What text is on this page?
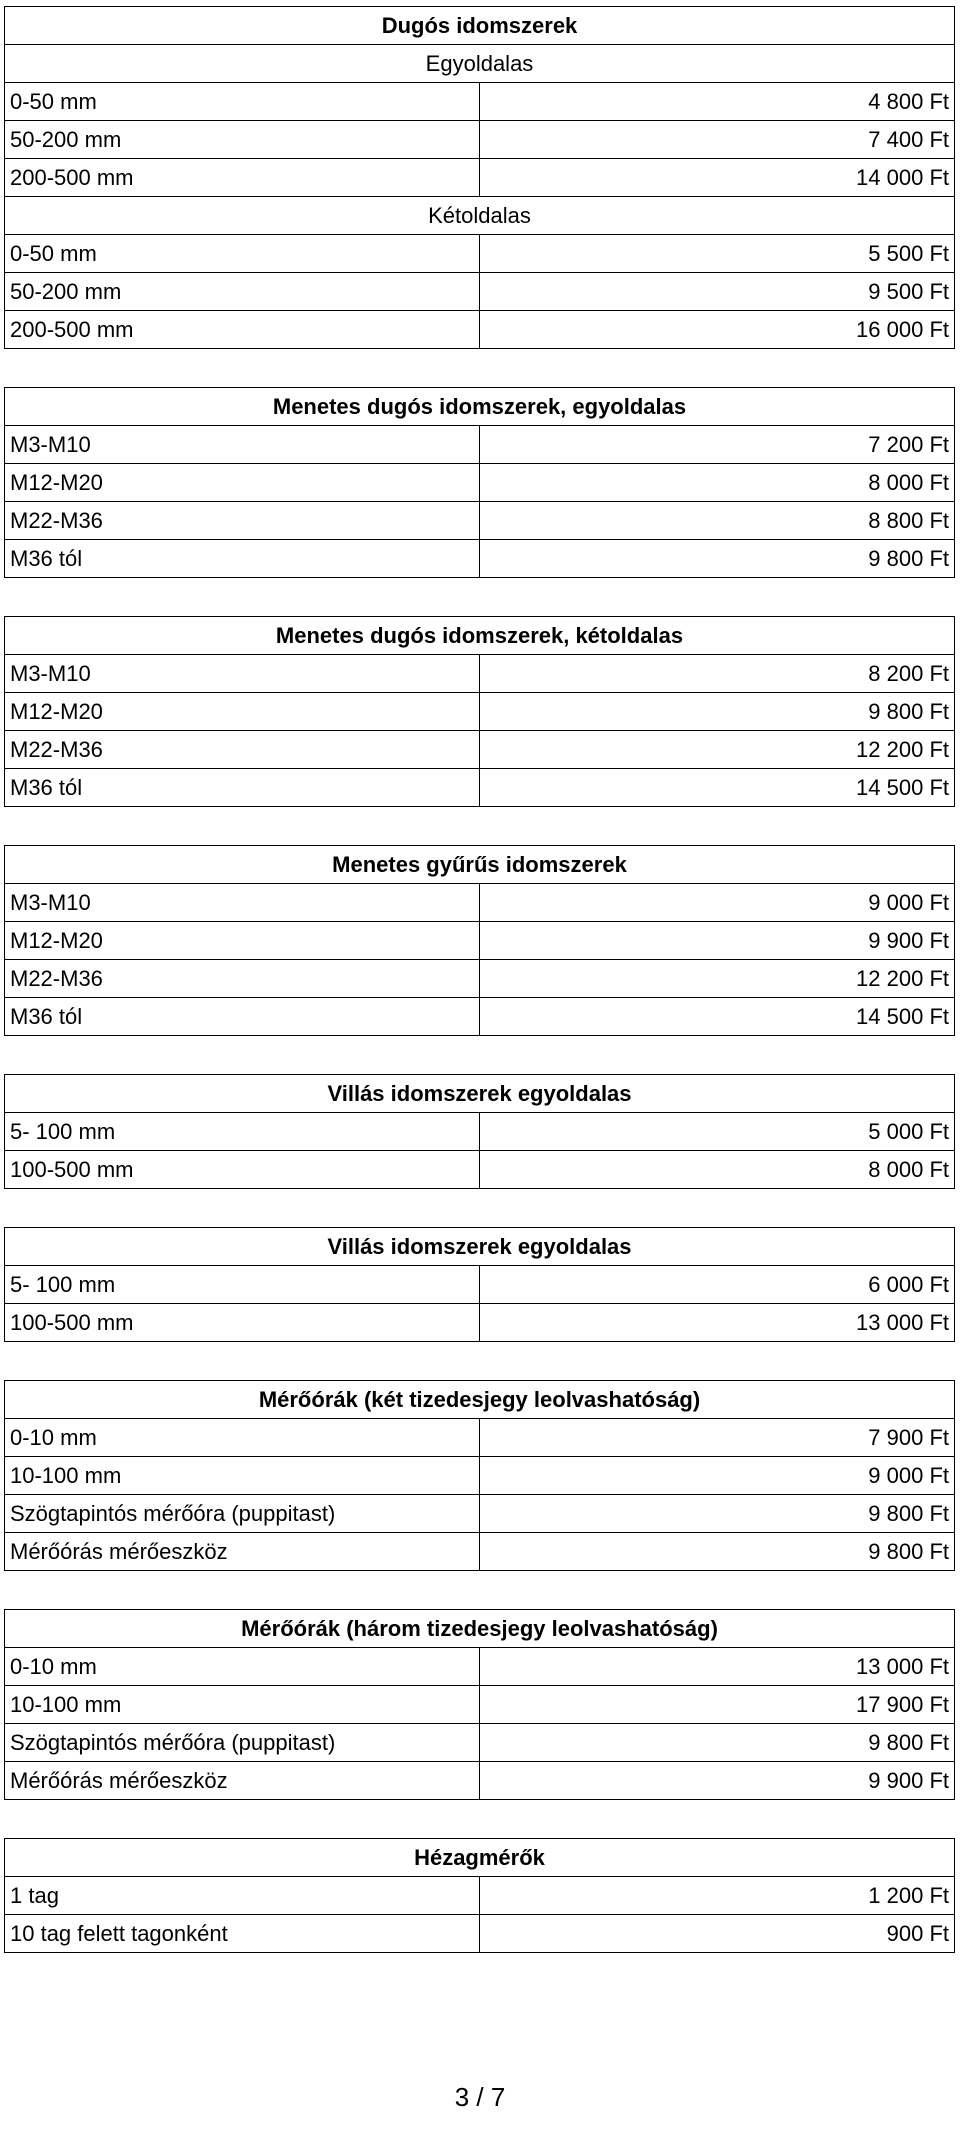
Dugós idomszerek	
Egyoldalas	
0-50 mm	4 800 Ft
50-200 mm	7 400 Ft
200-500 mm	14 000 Ft
Kétoldalas	
0-50 mm	5 500 Ft
50-200 mm	9 500 Ft
200-500 mm	16 000 Ft
Menetes dugós idomszerek, egyoldalas	
M3-M10	7 200 Ft
M12-M20	8 000 Ft
M22-M36	8 800 Ft
M36 tól	9 800 Ft
Menetes dugós idomszerek, kétoldalas	
M3-M10	8 200 Ft
M12-M20	9 800 Ft
M22-M36	12 200 Ft
M36 tól	14 500 Ft
Menetes gyűrűs idomszerek	
M3-M10	9 000 Ft
M12-M20	9 900 Ft
M22-M36	12 200 Ft
M36 tól	14 500 Ft
Villás idomszerek egyoldalas	
5- 100 mm	5 000 Ft
100-500 mm	8 000 Ft
Villás idomszerek egyoldalas	
5- 100 mm	6 000 Ft
100-500 mm	13 000 Ft
Mérőórák (két tizedesjegy leolvashatóság)	
0-10 mm	7 900 Ft
10-100 mm	9 000 Ft
Szögtapintós mérőóra (puppitast)	9 800 Ft
Mérőórás mérőeszköz	9 800 Ft
Mérőórák (három tizedesjegy leolvashatóság)	
0-10 mm	13 000 Ft
10-100 mm	17 900 Ft
Szögtapintós mérőóra (puppitast)	9 800 Ft
Mérőórás mérőeszköz	9 900 Ft
Hézagmérők	
1 tag	1 200 Ft
10 tag felett tagonként	900 Ft
3 / 7
